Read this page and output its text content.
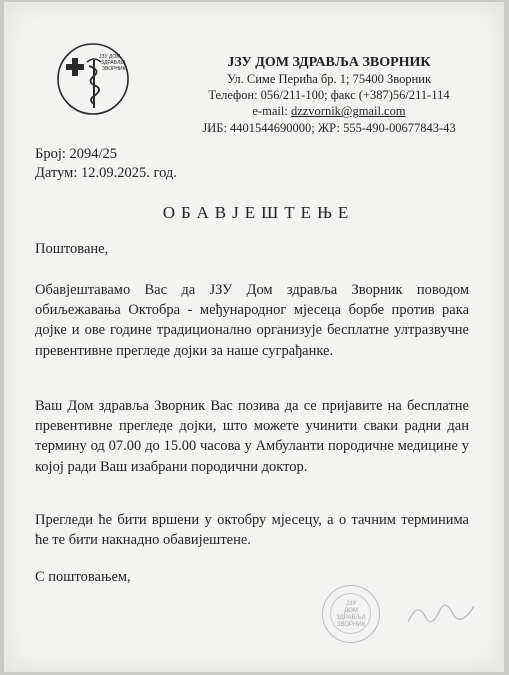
ЈЗУ ДОМ
ЗДРАВЉА
ЗВОРНИК	ЈЗУ ДОМ ЗДРАВЉА ЗВОРНИК
Ул. Симе Перића бр. 1; 75400 Зворник
Телефон: 056/211-100; факс (+387)56/211-114
e-mail: dzzvornik@gmail.com
ЈИБ: 4401544690000; ЖР: 555-490-00677843-43
Број: 2094/25
Датум: 12.09.2025. год.
ОБАВЈЕШТЕЊЕ
Поштоване,
Обавјештавамо Вас да ЈЗУ Дом здравља Зворник поводом обиљежавања Октобра - међународног мјесеца борбе против рака дојке и ове године традиционално организује бесплатне ултразвучне превентивне прегледе дојки за наше суграђанке.
Ваш Дом здравља Зворник Вас позива да се пријавите на бесплатне превентивне прегледе дојки, што можете учинити сваки радни дан термину од 07.00 до 15.00 часова у Амбуланти породичне медицине у којој ради Ваш изабрани породични доктор.
Прегледи ће бити вршени у октобру мјесецу, а о тачним терминима ће те бити накнадно обавијештене.
С поштовањем,
ЈЗУ
ДОМ
ЗДРАВЉА
ЗВОРНИК
